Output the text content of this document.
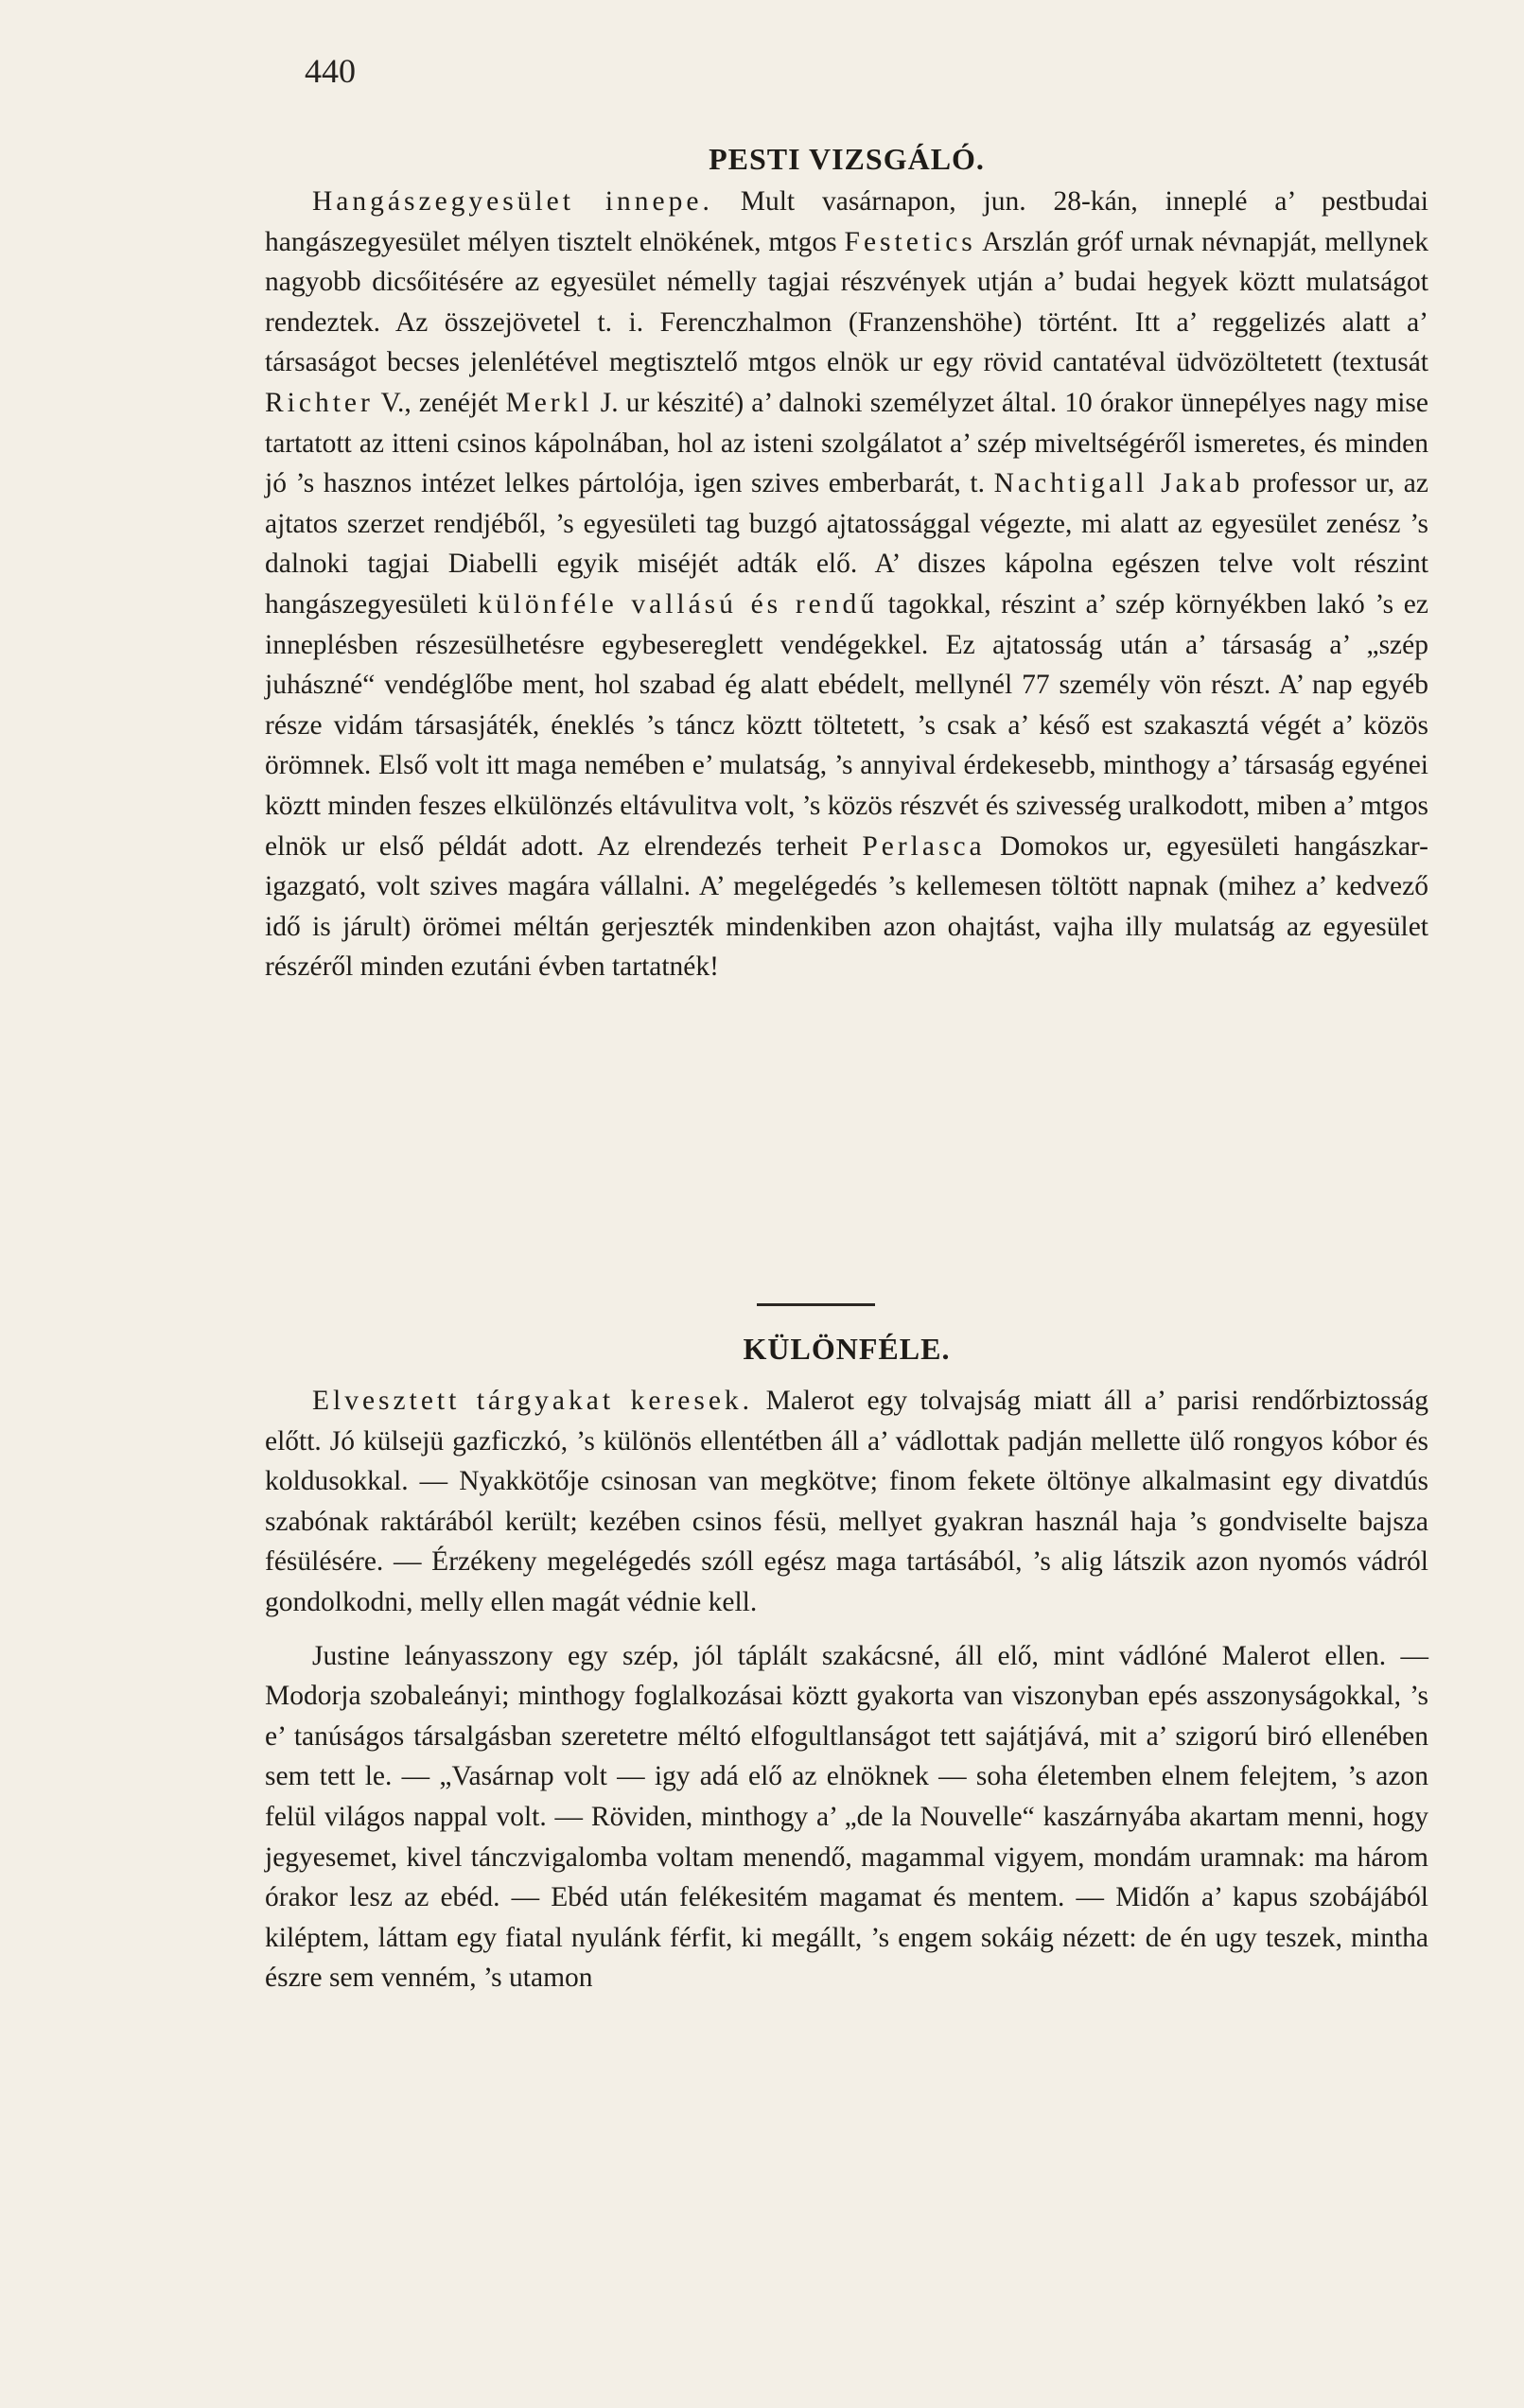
440
PESTI VIZSGÁLÓ.

Hangászegyesület innepe. Mult vasárnapon, jun. 28-kán, inneplé a’ pestbudai hangászegyesület mélyen tisztelt elnökének, mtgos Festetics Arszlán gróf urnak névnapját, mellynek nagyobb dicsőitésére az egyesület némelly tagjai részvények utján a’ budai hegyek köztt mulatságot rendeztek. Az összejövetel t. i. Ferenczhalmon (Franzenshöhe) történt. Itt a’ reggelizés alatt a’ társaságot becses jelenlétével megtisztelő mtgos elnök ur egy rövid cantatéval üdvözöltetett (textusát Richter V., zenéjét Merkl J. ur készité) a’ dalnoki személyzet által. 10 órakor ünnepélyes nagy mise tartatott az itteni csinos kápolnában, hol az isteni szolgálatot a’ szép miveltségéről ismeretes, és minden jó ’s hasznos intézet lelkes pártolója, igen szives emberbarát, t. Nachtigall Jakab professor ur, az ajtatos szerzet rendjéből, ’s egyesületi tag buzgó ajtatossággal végezte, mi alatt az egyesület zenész ’s dalnoki tagjai Diabelli egyik miséjét adták elő. A’ diszes kápolna egészen telve volt részint hangászegyesületi különféle vallású és rendű tagokkal, részint a’ szép környékben lakó ’s ez inneplésben részesülhetésre egybesereglett vendégekkel. Ez ajtatosság után a’ társaság a’ „szép juhászné“ vendéglőbe ment, hol szabad ég alatt ebédelt, mellynél 77 személy vön részt. A’ nap egyéb része vidám társasjáték, éneklés ’s táncz köztt töltetett, ’s csak a’ késő est szakasztá végét a’ közös örömnek. Első volt itt maga nemében e’ mulatság, ’s annyival érdekesebb, minthogy a’ társaság egyénei köztt minden feszes elkülönzés eltávulitva volt, ’s közös részvét és szivesség uralkodott, miben a’ mtgos elnök ur első példát adott. Az elrendezés terheit Perlasca Domokos ur, egyesületi hangászkar-igazgató, volt szives magára vállalni. A’ megelégedés ’s kellemesen töltött napnak (mihez a’ kedvező idő is járult) örömei méltán gerjeszték mindenkiben azon ohajtást, vajha illy mulatság az egyesület részéről minden ezutáni évben tartatnék!

KÜLÖNFÉLE.

Elvesztett tárgyakat keresek. Malerot egy tolvajság miatt áll a’ parisi rendőrbiztosság előtt. Jó külsejü gazficzkó, ’s különös ellentétben áll a’ vádlottak padján mellette ülő rongyos kóbor és koldusokkal. — Nyakkötője csinosan van megkötve; finom fekete öltönye alkalmasint egy divatdús szabónak raktárából került; kezében csinos fésü, mellyet gyakran használ haja ’s gondviselte bajsza fésülésére. — Érzékeny megelégedés szóll egész maga tartásából, ’s alig látszik azon nyomós vádról gondolkodni, melly ellen magát védnie kell.

Justine leányasszony egy szép, jól táplált szakácsné, áll elő, mint vádlóné Malerot ellen. — Modorja szobaleányi; minthogy foglalkozásai köztt gyakorta van viszonyban epés asszonyságokkal, ’s e’ tanúságos társalgásban szeretetre méltó elfogultlanságot tett sajátjává, mit a’ szigorú biró ellenében sem tett le. — „Vasárnap volt — igy adá elő az elnöknek — soha életemben elnem felejtem, ’s azon felül világos nappal volt. — Röviden, minthogy a’ „de la Nouvelle“ kaszárnyába akartam menni, hogy jegyesemet, kivel tánczvigalomba voltam menendő, magammal vigyem, mondám uramnak: ma három órakor lesz az ebéd. — Ebéd után felékesitém magamat és mentem. — Midőn a’ kapus szobájából kiléptem, láttam egy fiatal nyulánk férfit, ki megállt, ’s engem sokáig nézett: de én ugy teszek, mintha észre sem venném, ’s utamon
